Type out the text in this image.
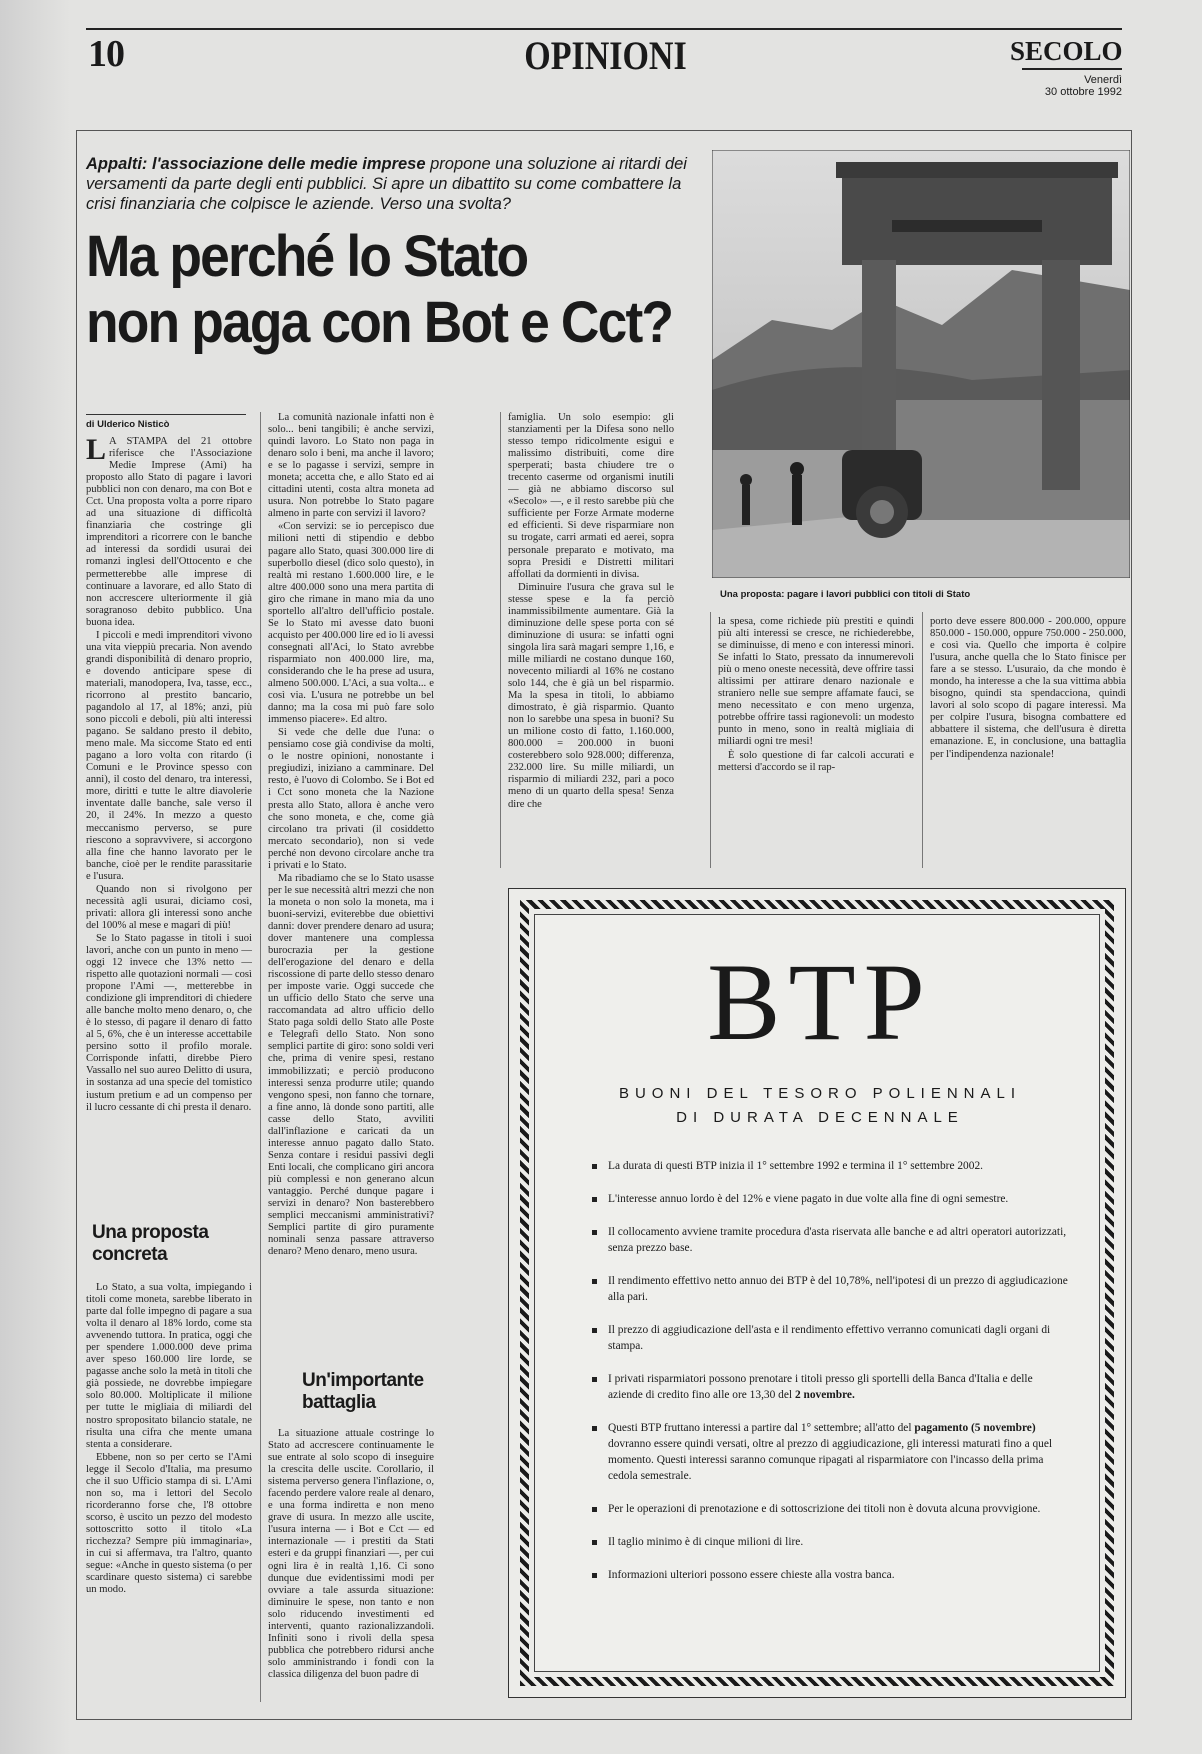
10	OPINIONI	SECOLO
Venerdì
30 ottobre 1992
Appalti: l'associazione delle medie imprese propone una soluzione ai ritardi dei versamenti da parte degli enti pubblici. Si apre un dibattito su come combattere la crisi finanziaria che colpisce le aziende. Verso una svolta?
Ma perché lo Stato
non paga con Bot e Cct?
Una proposta: pagare i lavori pubblici con titoli di Stato
di Ulderico Nisticò

L A STAMPA del 21 ottobre riferisce che l'Associazione Medie Imprese (Ami) ha proposto allo Stato di pagare i lavori pubblici non con denaro, ma con Bot e Cct. Una proposta volta a porre riparo ad una situazione di difficoltà finanziaria che costringe gli imprenditori a ricorrere con le banche ad interessi da sordidi usurai dei romanzi inglesi dell'Ottocento e che permetterebbe alle imprese di continuare a lavorare, ed allo Stato di non accrescere ulteriormente il già soragranoso debito pubblico. Una buona idea.

I piccoli e medi imprenditori vivono una vita vieppiù precaria. Non avendo grandi disponibilità di denaro proprio, e dovendo anticipare spese di materiali, manodopera, Iva, tasse, ecc., ricorrono al prestito bancario, pagandolo al 17, al 18%; anzi, più sono piccoli e deboli, più alti interessi pagano. Se saldano presto il debito, meno male. Ma siccome Stato ed enti pagano a loro volta con ritardo (i Comuni e le Province spesso con anni), il costo del denaro, tra interessi, more, diritti e tutte le altre diavolerie inventate dalle banche, sale verso il 20, il 24%. In mezzo a questo meccanismo perverso, se pure riescono a sopravvivere, si accorgono alla fine che hanno lavorato per le banche, cioè per le rendite parassitarie e l'usura.

Quando non si rivolgono per necessità agli usurai, diciamo così, privati: allora gli interessi sono anche del 100% al mese e magari di più!

Se lo Stato pagasse in titoli i suoi lavori, anche con un punto in meno — oggi 12 invece che 13% netto — rispetto alle quotazioni normali — così propone l'Ami —, metterebbe in condizione gli imprenditori di chiedere alle banche molto meno denaro, o, che è lo stesso, di pagare il denaro di fatto al 5, 6%, che è un interesse accettabile persino sotto il profilo morale. Corrisponde infatti, direbbe Piero Vassallo nel suo aureo Delitto di usura, in sostanza ad una specie del tomistico iustum pretium e ad un compenso per il lucro cessante di chi presta il denaro.

Una proposta concreta

Lo Stato, a sua volta, impiegando i titoli come moneta, sarebbe liberato in parte dal folle impegno di pagare a sua volta il denaro al 18% lordo, come sta avvenendo tuttora. In pratica, oggi che per spendere 1.000.000 deve prima aver speso 160.000 lire lorde, se pagasse anche solo la metà in titoli che già possiede, ne dovrebbe impiegare solo 80.000. Moltiplicate il milione per tutte le migliaia di miliardi del nostro spropositato bilancio statale, ne risulta una cifra che mente umana stenta a considerare.

Ebbene, non so per certo se l'Ami legge il Secolo d'Italia, ma presumo che il suo Ufficio stampa di sì. L'Ami non so, ma i lettori del Secolo ricorderanno forse che, l'8 ottobre scorso, è uscito un pezzo del modesto sottoscritto sotto il titolo «La ricchezza? Sempre più immaginaria», in cui si affermava, tra l'altro, quanto segue: «Anche in questo sistema (o per scardinare questo sistema) ci sarebbe un modo.

La comunità nazionale infatti non è solo... beni tangibili; è anche servizi, quindi lavoro. Lo Stato non paga in denaro solo i beni, ma anche il lavoro; e se lo pagasse i servizi, sempre in moneta; accetta che, e allo Stato ed ai cittadini utenti, costa altra moneta ad usura. Non potrebbe lo Stato pagare almeno in parte con servizi il lavoro?

«Con servizi: se io percepisco due milioni netti di stipendio e debbo pagare allo Stato, quasi 300.000 lire di superbollo diesel (dico solo questo), in realtà mi restano 1.600.000 lire, e le altre 400.000 sono una mera partita di giro che rimane in mano mia da uno sportello all'altro dell'ufficio postale. Se lo Stato mi avesse dato buoni acquisto per 400.000 lire ed io li avessi consegnati all'Aci, lo Stato avrebbe risparmiato non 400.000 lire, ma, considerando che le ha prese ad usura, almeno 500.000. L'Aci, a sua volta... e così via. L'usura ne potrebbe un bel danno; ma la cosa mi può fare solo immenso piacere». Ed altro.

Si vede che delle due l'una: o pensiamo cose già condivise da molti, o le nostre opinioni, nonostante i pregiudizi, iniziano a camminare. Del resto, è l'uovo di Colombo. Se i Bot ed i Cct sono moneta che la Nazione presta allo Stato, allora è anche vero che sono moneta, e che, come già circolano tra privati (il cosiddetto mercato secondario), non si vede perché non devono circolare anche tra i privati e lo Stato.

Ma ribadiamo che se lo Stato usasse per le sue necessità altri mezzi che non la moneta o non solo la moneta, ma i buoni-servizi, eviterebbe due obiettivi danni: dover prendere denaro ad usura; dover mantenere una complessa burocrazia per la gestione dell'erogazione del denaro e della riscossione di parte dello stesso denaro per imposte varie. Oggi succede che un ufficio dello Stato che serve una raccomandata ad altro ufficio dello Stato paga soldi dello Stato alle Poste e Telegrafi dello Stato. Non sono semplici partite di giro: sono soldi veri che, prima di venire spesi, restano immobilizzati; e perciò producono interessi senza produrre utile; quando vengono spesi, non fanno che tornare, a fine anno, là donde sono partiti, alle casse dello Stato, avviliti dall'inflazione e caricati da un interesse annuo pagato dallo Stato. Senza contare i residui passivi degli Enti locali, che complicano giri ancora più complessi e non generano alcun vantaggio. Perché dunque pagare i servizi in denaro? Non basterebbero semplici meccanismi amministrativi? Semplici partite di giro puramente nominali senza passare attraverso denaro? Meno denaro, meno usura.

Un'importante battaglia

La situazione attuale costringe lo Stato ad accrescere continuamente le sue entrate al solo scopo di inseguire la crescita delle uscite. Corollario, il sistema perverso genera l'inflazione, o, facendo perdere valore reale al denaro, e una forma indiretta e non meno grave di usura. In mezzo alle uscite, l'usura interna — i Bot e Cct — ed internazionale — i prestiti da Stati esteri e da gruppi finanziari —, per cui ogni lira è in realtà 1,16. Ci sono dunque due evidentissimi modi per ovviare a tale assurda situazione: diminuire le spese, non tanto e non solo riducendo investimenti ed interventi, quanto razionalizzandoli. Infiniti sono i rivoli della spesa pubblica che potrebbero ridursi anche solo amministrando i fondi con la classica diligenza del buon padre di

famiglia. Un solo esempio: gli stanziamenti per la Difesa sono nello stesso tempo ridicolmente esigui e malissimo distribuiti, come dire sperperati; basta chiudere tre o trecento caserme od organismi inutili — già ne abbiamo discorso sul «Secolo» —, e il resto sarebbe più che sufficiente per Forze Armate moderne ed efficienti. Si deve risparmiare non su trogate, carri armati ed aerei, sopra personale preparato e motivato, ma sopra Presidi e Distretti militari affollati da dormienti in divisa.

Diminuire l'usura che grava sul le stesse spese e la fa perciò inammissibilmente aumentare. Già la diminuzione delle spese porta con sé diminuzione di usura: se infatti ogni singola lira sarà magari sempre 1,16, e mille miliardi ne costano dunque 160, novecento miliardi al 16% ne costano solo 144, che è già un bel risparmio. Ma la spesa in titoli, lo abbiamo dimostrato, è già risparmio. Quanto non lo sarebbe una spesa in buoni? Su un milione costo di fatto, 1.160.000, 800.000 = 200.000 in buoni costerebbero solo 928.000; differenza, 232.000 lire. Su mille miliardi, un risparmio di miliardi 232, pari a poco meno di un quarto della spesa! Senza dire che

la spesa, come richiede più prestiti e quindi più alti interessi se cresce, ne richiederebbe, se diminuisse, di meno e con interessi minori. Se infatti lo Stato, pressato da innumerevoli più o meno oneste necessità, deve offrire tassi altissimi per attirare denaro nazionale e straniero nelle sue sempre affamate fauci, se meno necessitato e con meno urgenza, potrebbe offrire tassi ragionevoli: un modesto punto in meno, sono in realtà migliaia di miliardi ogni tre mesi!

È solo questione di far calcoli accurati e mettersi d'accordo se il rap-

porto deve essere 800.000 - 200.000, oppure 850.000 - 150.000, oppure 750.000 - 250.000, e così via. Quello che importa è colpire l'usura, anche quella che lo Stato finisce per fare a se stesso. L'usuraio, da che mondo è mondo, ha interesse a che la sua vittima abbia bisogno, quindi sta spendacciona, quindi lavori al solo scopo di pagare interessi. Ma per colpire l'usura, bisogna combattere ed abbattere il sistema, che dell'usura è diretta emanazione. E, in conclusione, una battaglia per l'indipendenza nazionale!

BTP
BUONI DEL TESORO POLIENNALI
DI DURATA DECENNALE
La durata di questi BTP inizia il 1° settembre 1992 e termina il 1° settembre 2002.
L'interesse annuo lordo è del 12% e viene pagato in due volte alla fine di ogni semestre.
Il collocamento avviene tramite procedura d'asta riservata alle banche e ad altri operatori autorizzati, senza prezzo base.
Il rendimento effettivo netto annuo dei BTP è del 10,78%, nell'ipotesi di un prezzo di aggiudicazione alla pari.
Il prezzo di aggiudicazione dell'asta e il rendimento effettivo verranno comunicati dagli organi di stampa.
I privati risparmiatori possono prenotare i titoli presso gli sportelli della Banca d'Italia e delle aziende di credito fino alle ore 13,30 del 2 novembre.
Questi BTP fruttano interessi a partire dal 1° settembre; all'atto del pagamento (5 novembre) dovranno essere quindi versati, oltre al prezzo di aggiudicazione, gli interessi maturati fino a quel momento. Questi interessi saranno comunque ripagati al risparmiatore con l'incasso della prima cedola semestrale.
Per le operazioni di prenotazione e di sottoscrizione dei titoli non è dovuta alcuna provvigione.
Il taglio minimo è di cinque milioni di lire.
Informazioni ulteriori possono essere chieste alla vostra banca.
